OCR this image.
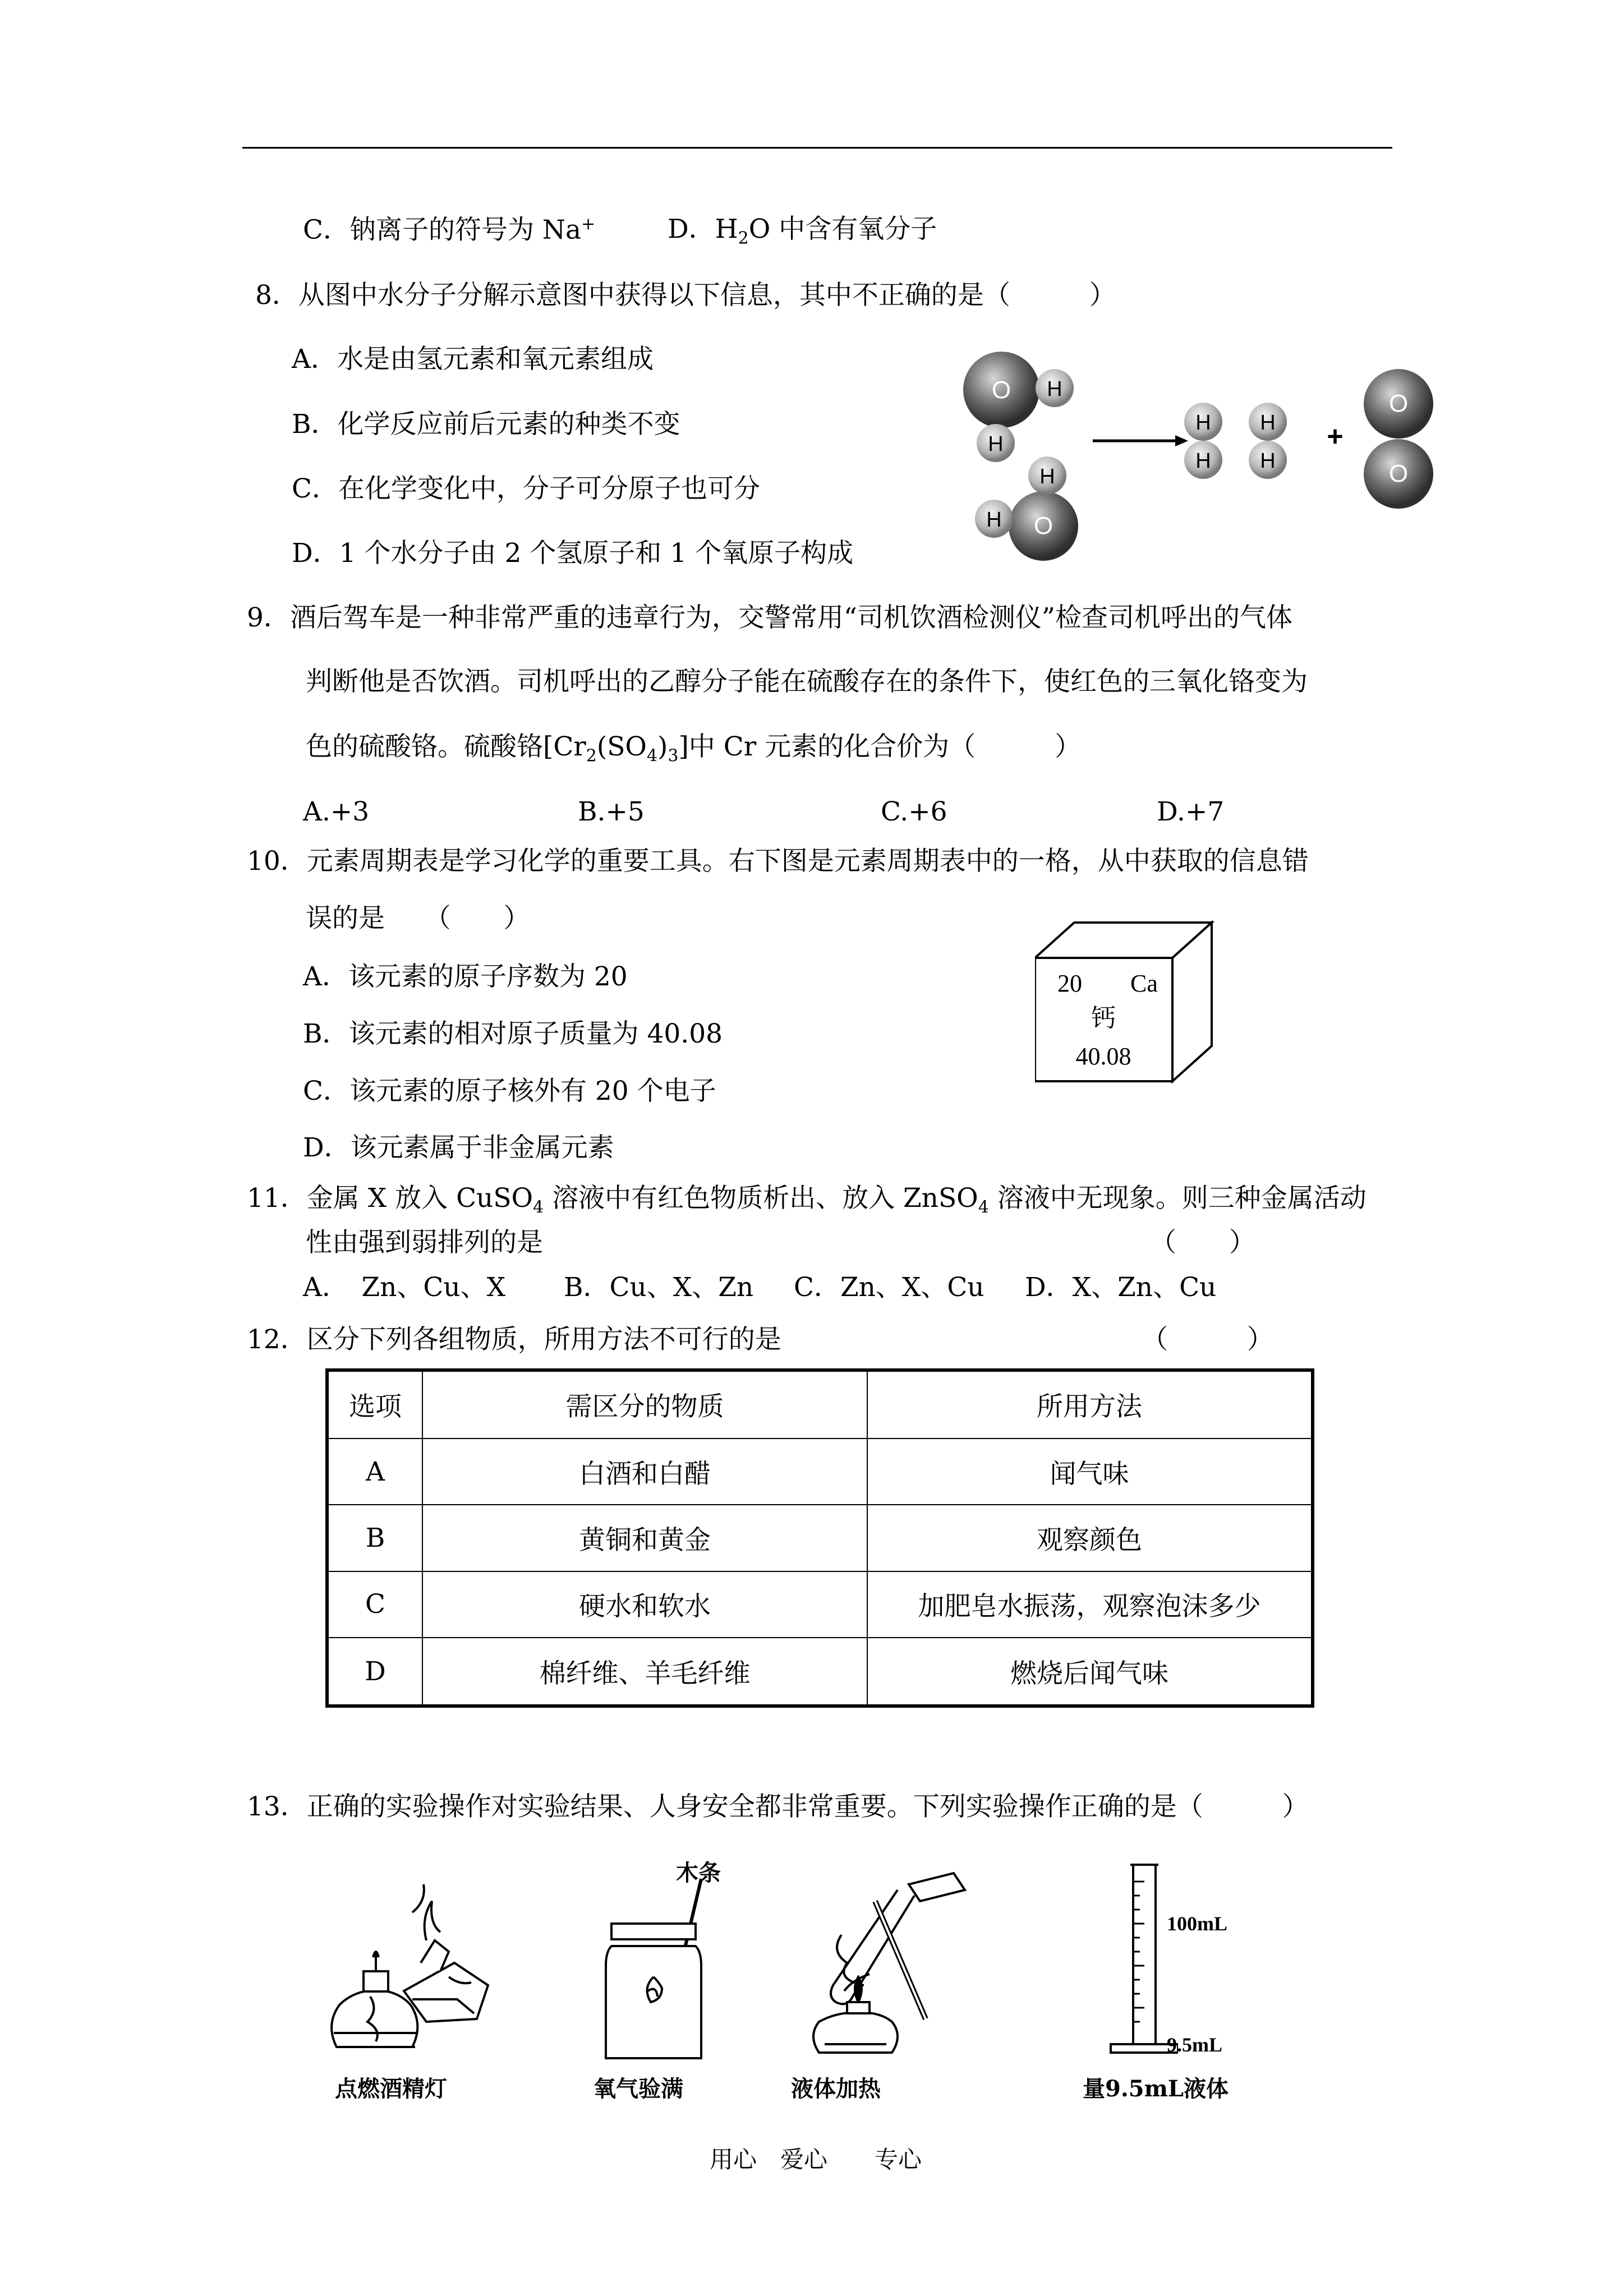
C．钠离子的符号为 Na+	D．$H_2O$ 中含有氧分子
8．从图中水分子分解示意图中获得以下信息，其中不正确的是（　　　）
A．水是由氢元素和氧元素组成
B．化学反应前后元素的种类不变
C．在化学变化中，分子可分原子也可分
D．1 个水分子由 2 个氢原子和 1 个氧原子构成
O H
H
O
H
H
H
H
H
H
+
O
O
9．酒后驾车是一种非常严重的违章行为，交警常用“司机饮酒检测仪”检查司机呼出的气体
判断他是否饮酒。司机呼出的乙醇分子能在硫酸存在的条件下，使红色的三氧化铬变为
色的硫酸铬。硫酸铬$[Cr_2(SO_4)_3]$中 Cr 元素的化合价为（　　　）
A.+3	B.+5	C.+6	D.+7
10．元素周期表是学习化学的重要工具。右下图是元素周期表中的一格，从中获取的信息错
误的是　　（　　）
A．该元素的原子序数为 20
B．该元素的相对原子质量为 40.08
C．该元素的原子核外有 20 个电子
D．该元素属于非金属元素
20 Ca
钙
40.08
11．金属 X 放入 CuSO$_4$ 溶液中有红色物质析出、放入 ZnSO$_4$ 溶液中无现象。则三种金属活动
性由强到弱排列的是	（　　）
A．　Zn、Cu、X B．Cu、X、Zn C．Zn、X、Cu D．X、Zn、Cu
12．区分下列各组物质，所用方法不可行的是	（　　　）
选项	需区分的物质	所用方法
A	白酒和白醋	闻气味
B	黄铜和黄金	观察颜色
C	硬水和软水	加肥皂水振荡，观察泡沫多少
D	棉纤维、羊毛纤维	燃烧后闻气味
13．正确的实验操作对实验结果、人身安全都非常重要。下列实验操作正确的是（　　　）
点燃酒精灯
木条
氧气验满	液体加热
100mL
9.5mL
量9.5mL液体
用心　爱心　　专心
